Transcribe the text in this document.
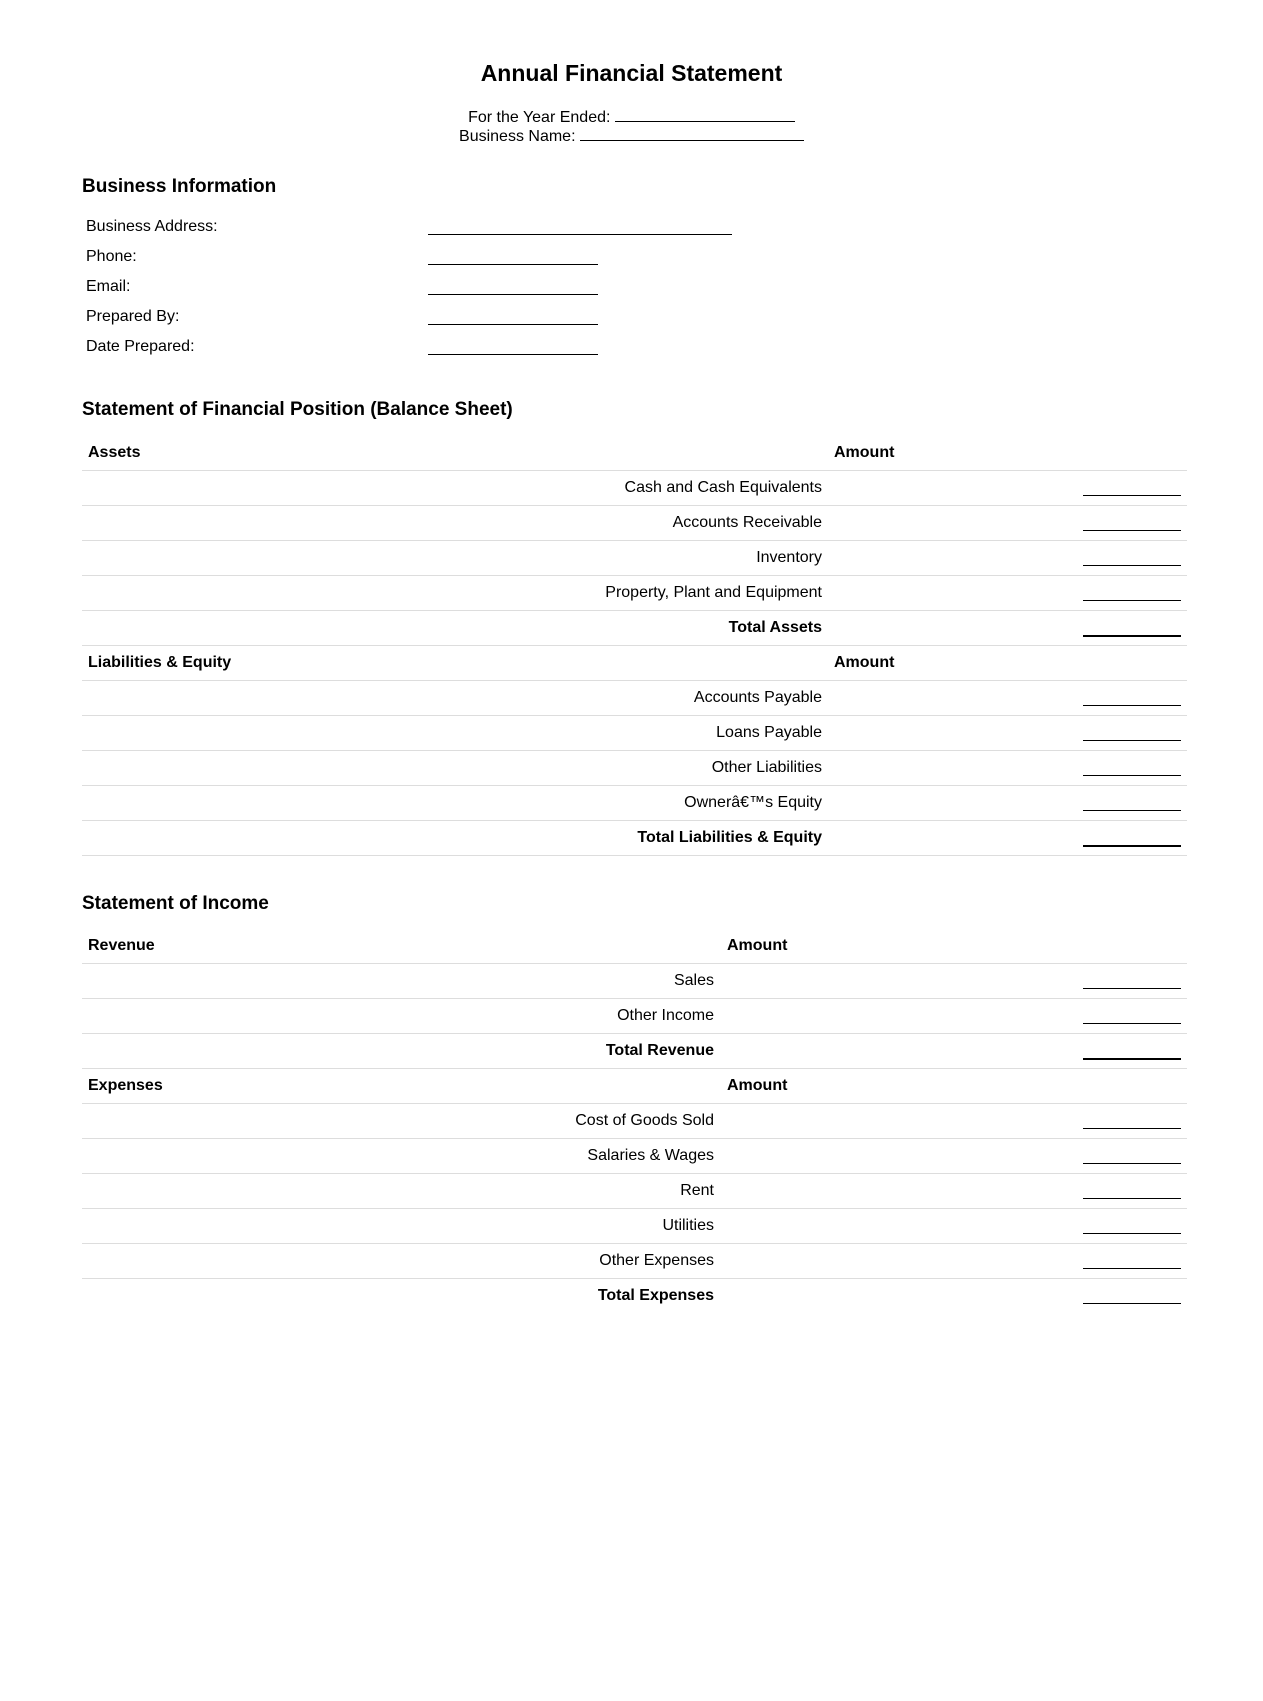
Annual Financial Statement
For the Year Ended:
Business Name:
Business Information
Business Address:
Phone:
Email:
Prepared By:
Date Prepared:
Statement of Financial Position (Balance Sheet)
Assets	Amount
Cash and Cash Equivalents
Accounts Receivable
Inventory
Property, Plant and Equipment
Total Assets
Liabilities & Equity	Amount
Accounts Payable
Loans Payable
Other Liabilities
Ownerâ€™s Equity
Total Liabilities & Equity
Statement of Income
Revenue	Amount
Sales
Other Income
Total Revenue
Expenses	Amount
Cost of Goods Sold
Salaries & Wages
Rent
Utilities
Other Expenses
Total Expenses
